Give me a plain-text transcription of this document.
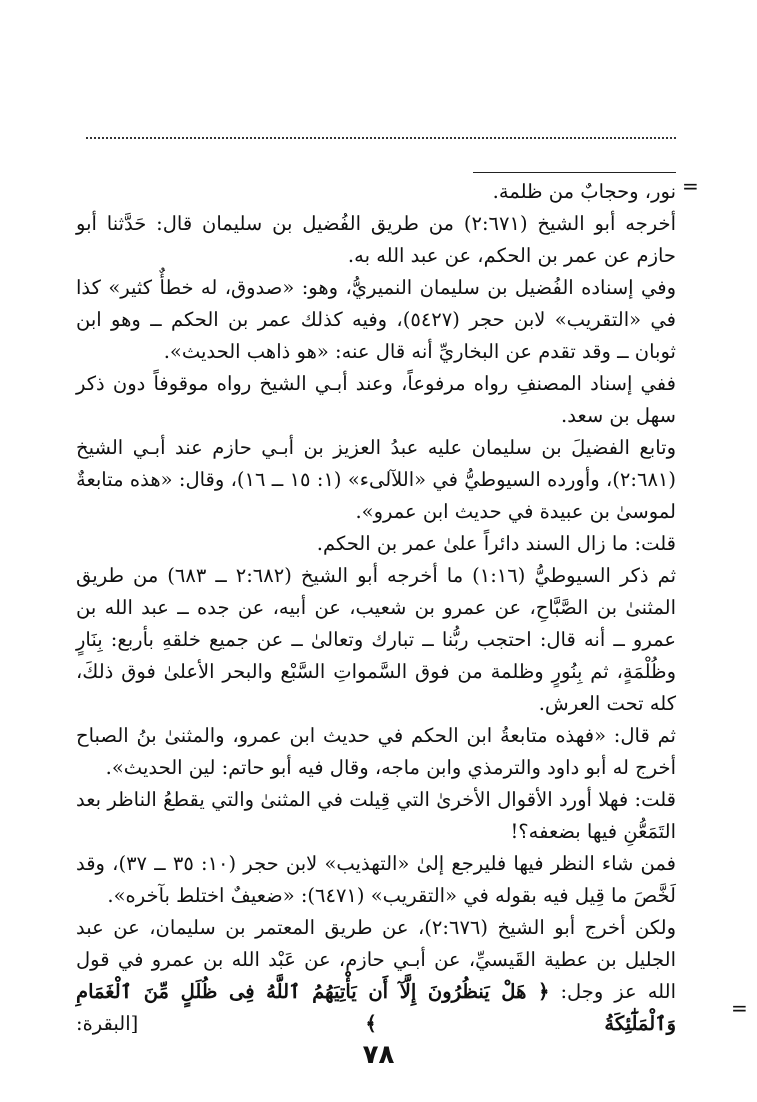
=

نور، وحجابٌ من ظلمة.

أخرجه أبو الشيخ (٢:٦٧١) من طريق الفُضيل بن سليمان قال: حَدَّثنا أبو حازم عن عمر بن الحكم، عن عبد الله به.

وفي إسناده الفُضيل بن سليمان النميريُّ، وهو: «صدوق، له خطأٌ كثير» كذا في «التقريب» لابن حجر (٥٤٢٧)، وفيه كذلك عمر بن الحكم ــ وهو ابن ثوبان ــ وقد تقدم عن البخاريِّ أنه قال عنه: «هو ذاهب الحديث».

ففي إسناد المصنفِ رواه مرفوعاً، وعند أبـي الشيخ رواه موقوفاً دون ذكر سهل بن سعد.

وتابع الفضيلَ بن سليمان عليه عبدُ العزيز بن أبـي حازم عند أبـي الشيخ (٢:٦٨١)، وأورده السيوطيُّ في «اللآلىء» (١: ١٥ ــ ١٦)، وقال: «هذه متابعةٌ لموسىٰ بن عبيدة في حديث ابن عمرو».

قلت: ما زال السند دائراً علىٰ عمر بن الحكم.

ثم ذكر السيوطيُّ (١:١٦) ما أخرجه أبو الشيخ (٢:٦٨٢ ــ ٦٨٣) من طريق المثنىٰ بن الصَّبَّاحِ، عن عمرو بن شعيب، عن أبيه، عن جده ــ عبد الله بن عمرو ــ أنه قال: احتجب ربُّنا ــ تبارك وتعالىٰ ــ عن جميع خلقهِ بأربع: بِنَارٍ وظُلْمَةٍ، ثم بِنُورٍ وظلمة من فوق السَّمواتِ السَّبْع والبحر الأعلىٰ فوق ذلكَ، كله تحت العرش.

ثم قال: «فهذه متابعةُ ابن الحكم في حديث ابن عمرو، والمثنىٰ بنُ الصباح أخرج له أبو داود والترمذي وابن ماجه، وقال فيه أبو حاتم: لين الحديث».

قلت: فهلا أورد الأقوال الأخرىٰ التي قِيلت في المثنىٰ والتي يقطعُ الناظر بعد التَمَعُّنِ فيها بضعفه؟!

فمن شاء النظر فيها فليرجع إلىٰ «التهذيب» لابن حجر (١٠: ٣٥ ــ ٣٧)، وقد لَخَّصَ ما قِيل فيه بقوله في «التقريب» (٦٤٧١): «ضعيفٌ اختلط بآخره».

ولكن أخرج أبو الشيخ (٢:٦٧٦)، عن طريق المعتمر بن سليمان، عن عبد الجليل بن عطية القَيسيِّ، عن أبـي حازم، عن عَبْد الله بن عمرو في قول الله عز وجل: ﴿ هَلْ يَنظُرُونَ إِلَّآ أَن يَأْتِيَهُمُ ٱللَّهُ فِى ظُلَلٍ مِّنَ ٱلْغَمَامِ وَٱلْمَلَٰٓئِكَةُ ﴾ [البقرة:

=
٧٨
